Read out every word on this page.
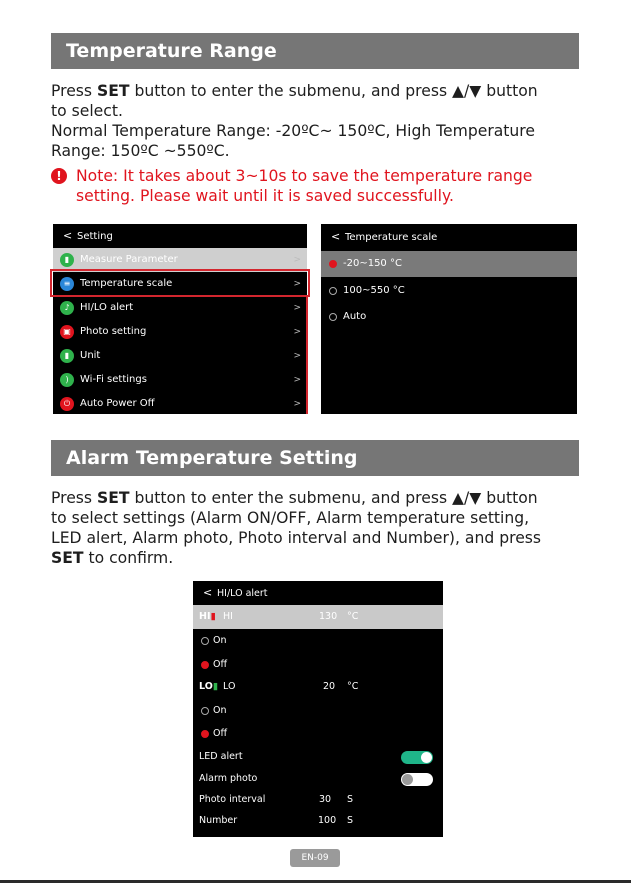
Temperature Range
Press SET button to enter the submenu, and press ▲/▼ button
to select.
Normal Temperature Range: -20ºC~ 150ºC, High Temperature
Range: 150ºC ~550ºC.
! Note: It takes about 3~10s to save the temperature range
setting. Please wait until it is saved successfully.
< Setting
▮	Measure Parameter	>
≡ Temperature scale	>
♪	HI/LO alert	>
▣ Photo setting	>
▮	Unit	>
)	Wi-Fi settings	>
⏻ Auto Power Off	>
< Temperature scale
-20~150 °C
100~550 °C
Auto
Alarm Temperature Setting
Press SET button to enter the submenu, and press ▲/▼ button
to select settings (Alarm ON/OFF, Alarm temperature setting,
LED alert, Alarm photo, Photo interval and Number), and press
SET to confirm.
< HI/LO alert
HI▮ HI	130 °C
On
Off
LO▮ LO	20 °C
On
Off
LED alert
Alarm photo
Photo interval	30 S
Number	100 S
EN-09
